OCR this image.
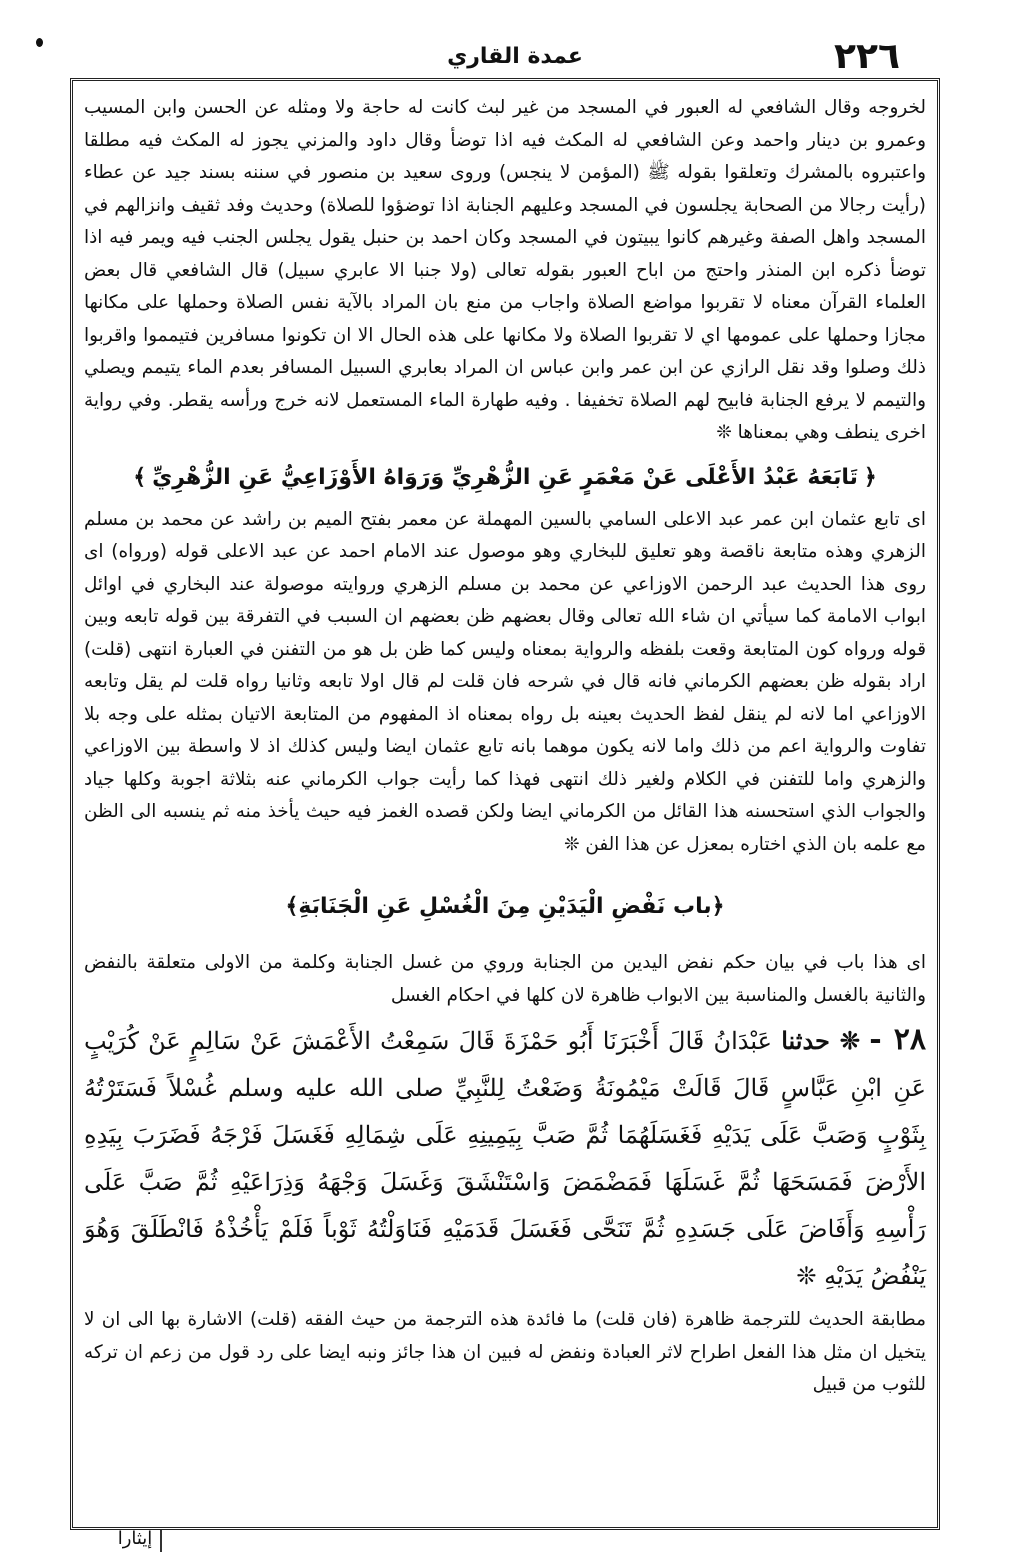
عمدة القاري	٢٢٦

لخروجه وقال الشافعي له العبور في المسجد من غير لبث كانت له حاجة ولا ومثله عن الحسن وابن المسيب وعمرو بن دينار واحمد وعن الشافعي له المكث فيه اذا توضأ وقال داود والمزني يجوز له المكث فيه مطلقا واعتبروه بالمشرك وتعلقوا بقوله ﷺ (المؤمن لا ينجس) وروى سعيد بن منصور في سننه بسند جيد عن عطاء (رأيت رجالا من الصحابة يجلسون في المسجد وعليهم الجنابة اذا توضؤوا للصلاة) وحديث وفد ثقيف وانزالهم في المسجد واهل الصفة وغيرهم كانوا يبيتون في المسجد وكان احمد بن حنبل يقول يجلس الجنب فيه ويمر فيه اذا توضأ ذكره ابن المنذر واحتج من اباح العبور بقوله تعالى (ولا جنبا الا عابري سبيل) قال الشافعي قال بعض العلماء القرآن معناه لا تقربوا مواضع الصلاة واجاب من منع بان المراد بالآية نفس الصلاة وحملها على مكانها مجازا وحملها على عمومها اي لا تقربوا الصلاة ولا مكانها على هذه الحال الا ان تكونوا مسافرين فتيمموا واقربوا ذلك وصلوا وقد نقل الرازي عن ابن عمر وابن عباس ان المراد بعابري السبيل المسافر بعدم الماء يتيمم ويصلي والتيمم لا يرفع الجنابة فابيح لهم الصلاة تخفيفا . وفيه طهارة الماء المستعمل لانه خرج ورأسه يقطر. وفي رواية اخرى ينطف وهي بمعناها ❊

﴿تَابَعَهُ عَبْدُ الأَعْلَى عَنْ مَعْمَرٍ عَنِ الزُّهْرِيِّ وَرَوَاهُ الأَوْزَاعِيُّ عَنِ الزُّهْرِيِّ﴾

اى تابع عثمان ابن عمر عبد الاعلى السامي بالسين المهملة عن معمر بفتح الميم بن راشد عن محمد بن مسلم الزهري وهذه متابعة ناقصة وهو تعليق للبخاري وهو موصول عند الامام احمد عن عبد الاعلى قوله (ورواه) اى روى هذا الحديث عبد الرحمن الاوزاعي عن محمد بن مسلم الزهري وروايته موصولة عند البخاري في اوائل ابواب الامامة كما سيأتي ان شاء الله تعالى وقال بعضهم ظن بعضهم ان السبب في التفرقة بين قوله تابعه وبين قوله ورواه كون المتابعة وقعت بلفظه والرواية بمعناه وليس كما ظن بل هو من التفنن في العبارة انتهى (قلت) اراد بقوله ظن بعضهم الكرماني فانه قال في شرحه فان قلت لم قال اولا تابعه وثانيا رواه قلت لم يقل وتابعه الاوزاعي اما لانه لم ينقل لفظ الحديث بعينه بل رواه بمعناه اذ المفهوم من المتابعة الاتيان بمثله على وجه بلا تفاوت والرواية اعم من ذلك واما لانه يكون موهما بانه تابع عثمان ايضا وليس كذلك اذ لا واسطة بين الاوزاعي والزهري واما للتفنن في الكلام ولغير ذلك انتهى فهذا كما رأيت جواب الكرماني عنه بثلاثة اجوبة وكلها جياد والجواب الذي استحسنه هذا القائل من الكرماني ايضا ولكن قصده الغمز فيه حيث يأخذ منه ثم ينسبه الى الظن مع علمه بان الذي اختاره بمعزل عن هذا الفن ❊

﴿باب نَفْضِ الْيَدَيْنِ مِنَ الْغُسْلِ عَنِ الْجَنَابَةِ﴾

اى هذا باب في بيان حكم نفض اليدين من الجنابة وروي من غسل الجنابة وكلمة من الاولى متعلقة بالنفض والثانية بالغسل والمناسبة بين الابواب ظاهرة لان كلها في احكام الغسل

٢٨ - ❊ حدثنا عَبْدَانُ قَالَ أَخْبَرَنَا أَبُو حَمْزَةَ قَالَ سَمِعْتُ الأَعْمَشَ عَنْ سَالِمٍ عَنْ كُرَيْبٍ عَنِ ابْنِ عَبَّاسٍ قَالَ قَالَتْ مَيْمُونَةُ وَضَعْتُ لِلنَّبِيِّ صلى الله عليه وسلم غُسْلاً فَسَتَرْتُهُ بِثَوْبٍ وَصَبَّ عَلَى يَدَيْهِ فَغَسَلَهُمَا ثُمَّ صَبَّ بِيَمِينِهِ عَلَى شِمَالِهِ فَغَسَلَ فَرْجَهُ فَضَرَبَ بِيَدِهِ الأَرْضَ فَمَسَحَهَا ثُمَّ غَسَلَهَا فَمَضْمَضَ وَاسْتَنْشَقَ وَغَسَلَ وَجْهَهُ وَذِرَاعَيْهِ ثُمَّ صَبَّ عَلَى رَأْسِهِ وَأَفَاضَ عَلَى جَسَدِهِ ثُمَّ تَنَحَّى فَغَسَلَ قَدَمَيْهِ فَنَاوَلْتُهُ ثَوْباً فَلَمْ يَأْخُذْهُ فَانْطَلَقَ وَهُوَ يَنْفُضُ يَدَيْهِ ❊

مطابقة الحديث للترجمة ظاهرة (فان قلت) ما فائدة هذه الترجمة من حيث الفقه (قلت) الاشارة بها الى ان لا يتخيل ان مثل هذا الفعل اطراح لاثر العبادة ونفض له فبين ان هذا جائز ونبه ايضا على رد قول من زعم ان تركه للثوب من قبيل

إيثارا
